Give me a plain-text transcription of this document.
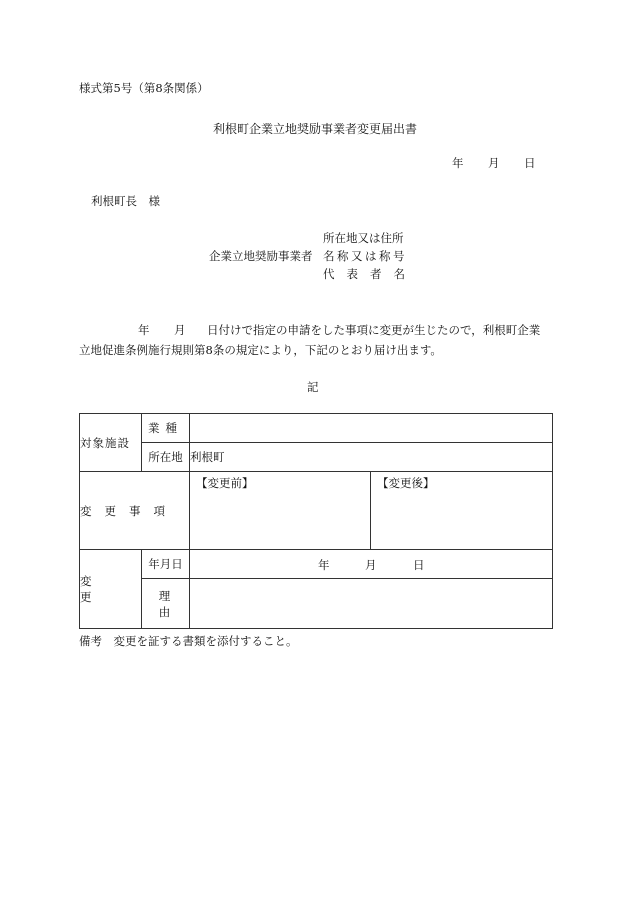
様式第5号（第8条関係）
利根町企業立地奨励事業者変更届出書
年 月 日
利根町長　様
所在地又は住所
企業立地奨励事業者 名称又は称号
代表者名
年 月 日付けで指定の申請をした事項に変更が生じたので，利根町企業
立地促進条例施行規則第8条の規定により，下記のとおり届け出ます。
記
対象施設	業種		
	所在地	利根町	
変更事項		【変更前】	【変更後】
変更	年月日	年 月 日	

	理由		
備考　変更を証する書類を添付すること。
